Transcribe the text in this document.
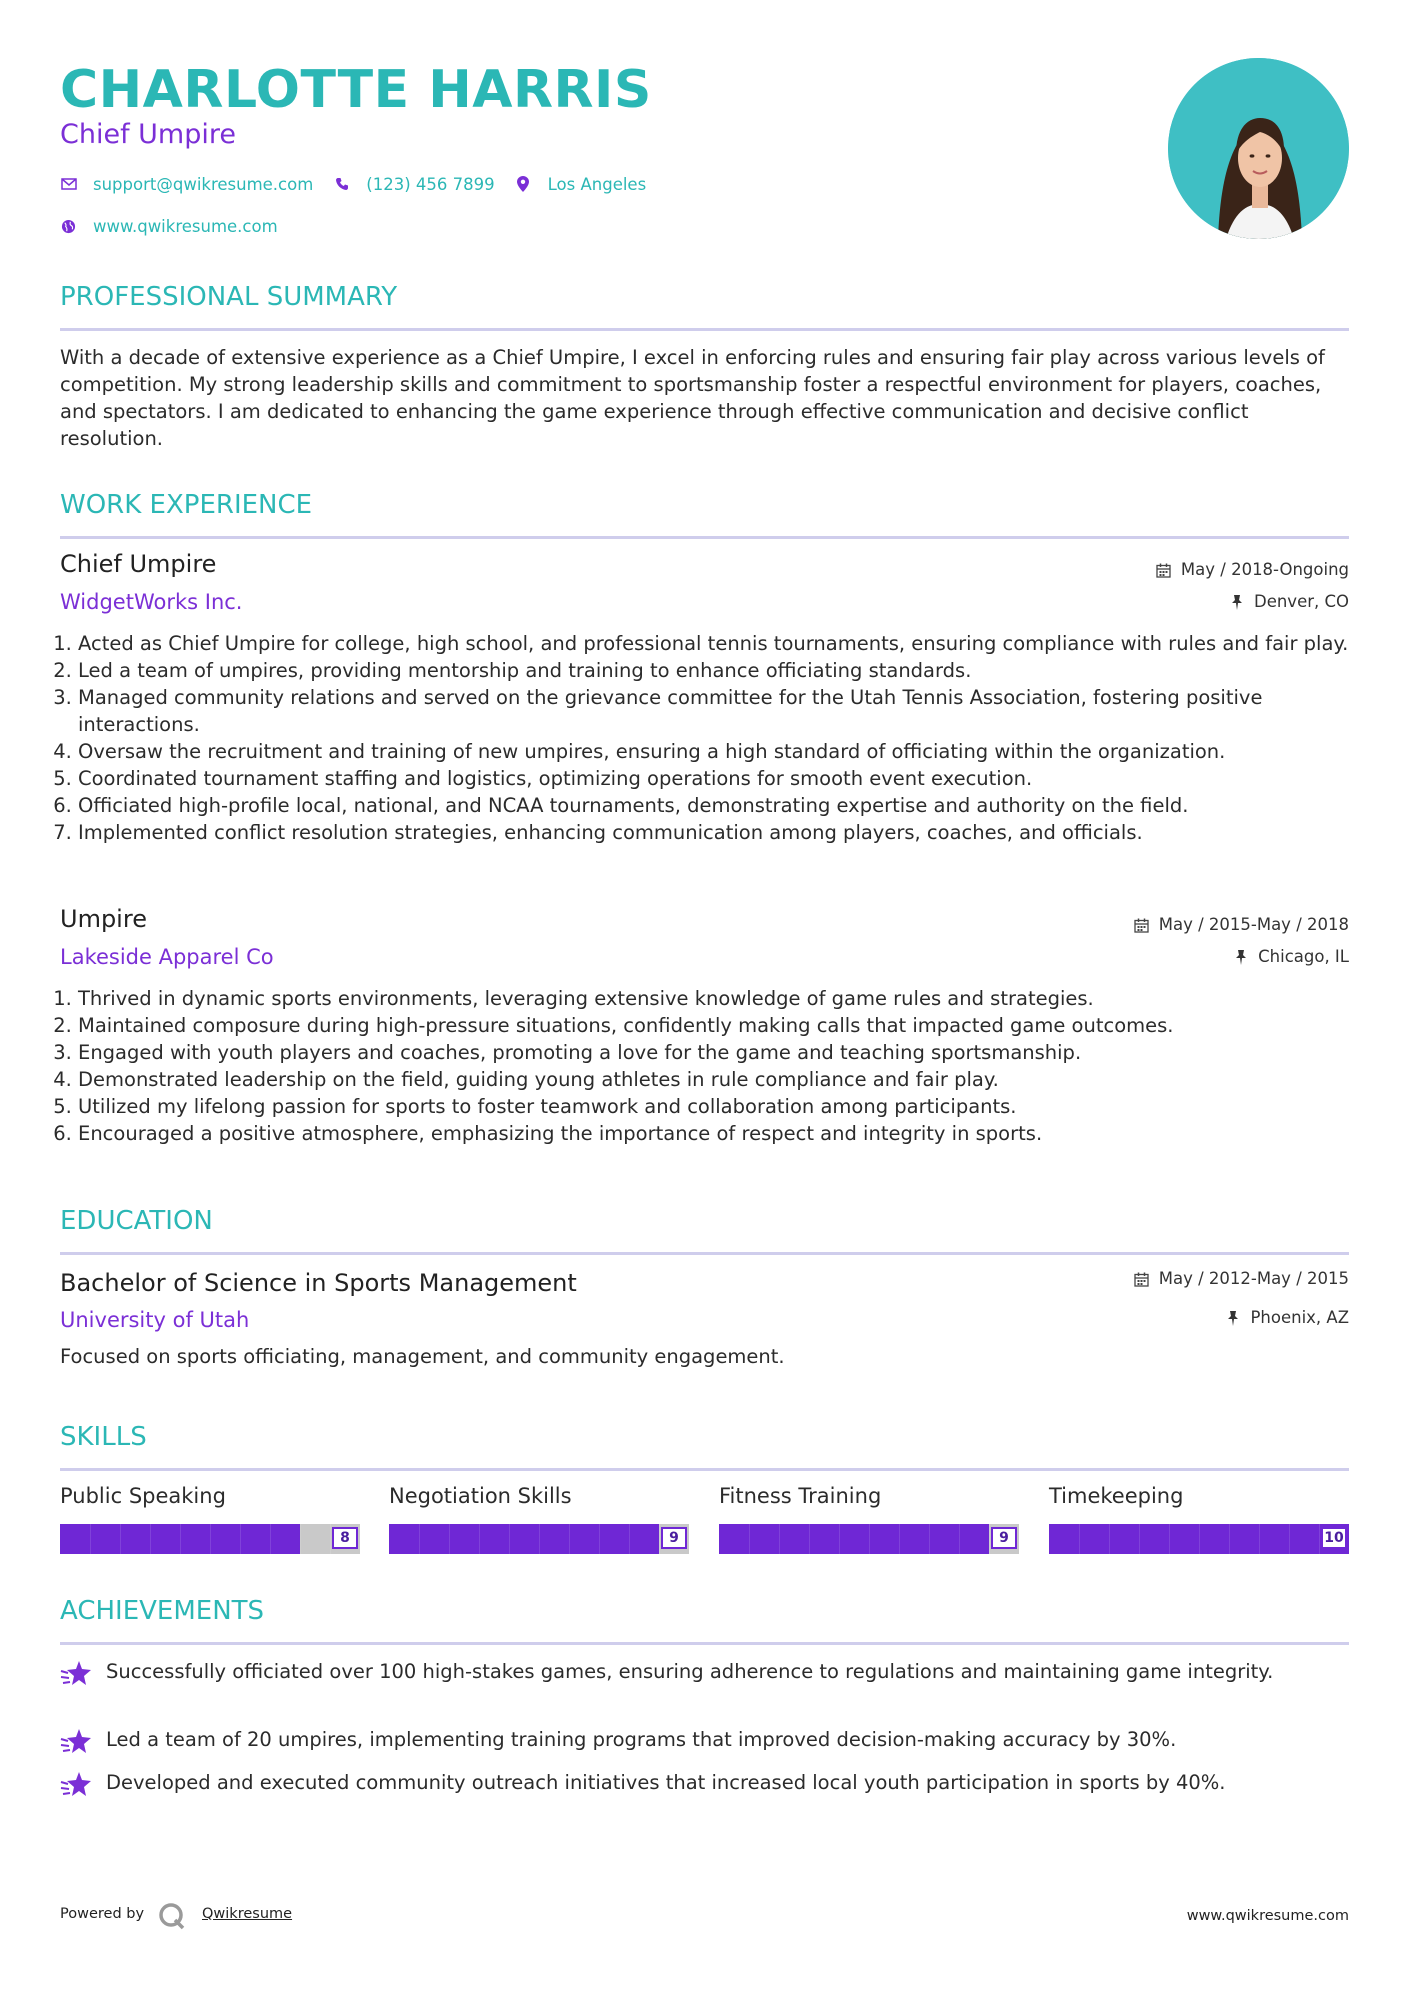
CHARLOTTE HARRIS
Chief Umpire
support@qwikresume.com	(123) 456 7899	Los Angeles
www.qwikresume.com
PROFESSIONAL SUMMARY
With a decade of extensive experience as a Chief Umpire, I excel in enforcing rules and ensuring fair play across various levels of competition. My strong leadership skills and commitment to sportsmanship foster a respectful environment for players, coaches, and spectators. I am dedicated to enhancing the game experience through effective communication and decisive conflict resolution.
WORK EXPERIENCE
Chief Umpire	May / 2018-Ongoing
WidgetWorks Inc.	Denver, CO
1. Acted as Chief Umpire for college, high school, and professional tennis tournaments, ensuring compliance with rules and fair play.
2. Led a team of umpires, providing mentorship and training to enhance officiating standards.
3. Managed community relations and served on the grievance committee for the Utah Tennis Association, fostering positive interactions.
4. Oversaw the recruitment and training of new umpires, ensuring a high standard of officiating within the organization.
5. Coordinated tournament staffing and logistics, optimizing operations for smooth event execution.
6. Officiated high-profile local, national, and NCAA tournaments, demonstrating expertise and authority on the field.
7. Implemented conflict resolution strategies, enhancing communication among players, coaches, and officials.
Umpire	May / 2015-May / 2018
Lakeside Apparel Co	Chicago, IL
1. Thrived in dynamic sports environments, leveraging extensive knowledge of game rules and strategies.
2. Maintained composure during high-pressure situations, confidently making calls that impacted game outcomes.
3. Engaged with youth players and coaches, promoting a love for the game and teaching sportsmanship.
4. Demonstrated leadership on the field, guiding young athletes in rule compliance and fair play.
5. Utilized my lifelong passion for sports to foster teamwork and collaboration among participants.
6. Encouraged a positive atmosphere, emphasizing the importance of respect and integrity in sports.
EDUCATION
Bachelor of Science in Sports Management	May / 2012-May / 2015
University of Utah	Phoenix, AZ
Focused on sports officiating, management, and community engagement.
SKILLS
Public Speaking
8
Negotiation Skills
9
Fitness Training
9
Timekeeping
10
ACHIEVEMENTS
Successfully officiated over 100 high-stakes games, ensuring adherence to regulations and maintaining game integrity.
Led a team of 20 umpires, implementing training programs that improved decision-making accuracy by 30%.
Developed and executed community outreach initiatives that increased local youth participation in sports by 40%.
Powered by	Qwikresume	www.qwikresume.com
